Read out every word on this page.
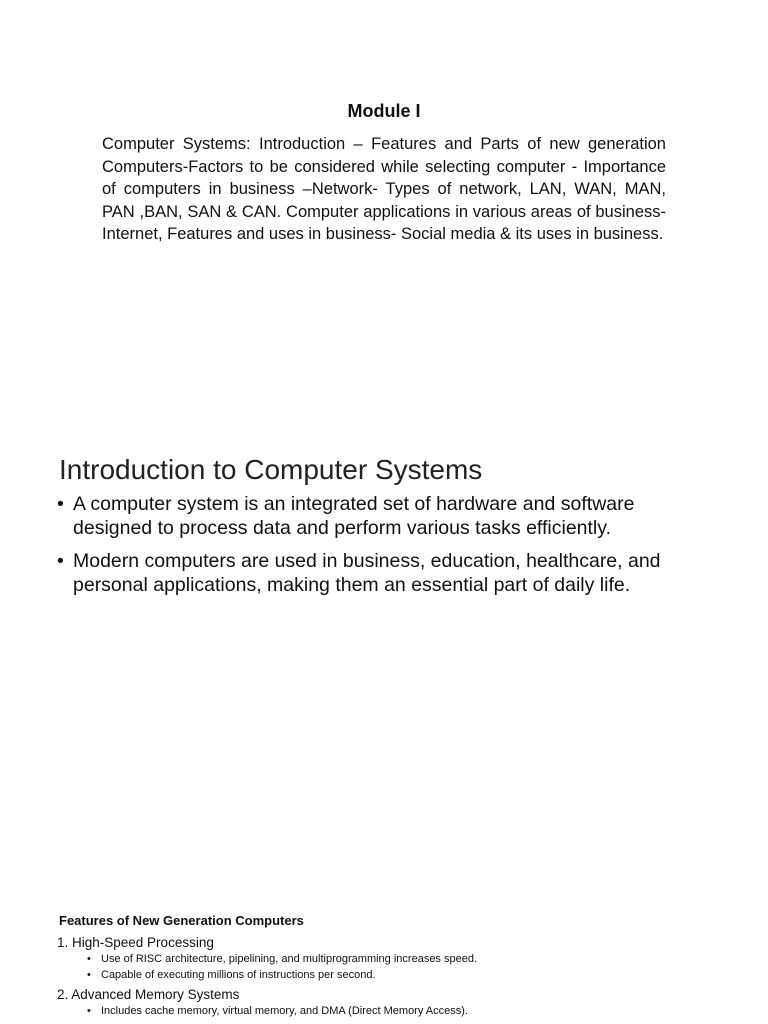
Module I

Computer Systems: Introduction – Features and Parts of new generation Computers-Factors to be considered while selecting computer - Importance of computers in business –Network- Types of network, LAN, WAN, MAN, PAN ,BAN, SAN & CAN. Computer applications in various areas of business- Internet, Features and uses in business- Social media & its uses in business.

Introduction to Computer Systems
• A computer system is an integrated set of hardware and software designed to process data and perform various tasks efficiently.
• Modern computers are used in business, education, healthcare, and personal applications, making them an essential part of daily life.
Features of New Generation Computers
1. High-Speed Processing
• Use of RISC architecture, pipelining, and multiprogramming increases speed.
• Capable of executing millions of instructions per second.
2. Advanced Memory Systems
• Includes cache memory, virtual memory, and DMA (Direct Memory Access).
